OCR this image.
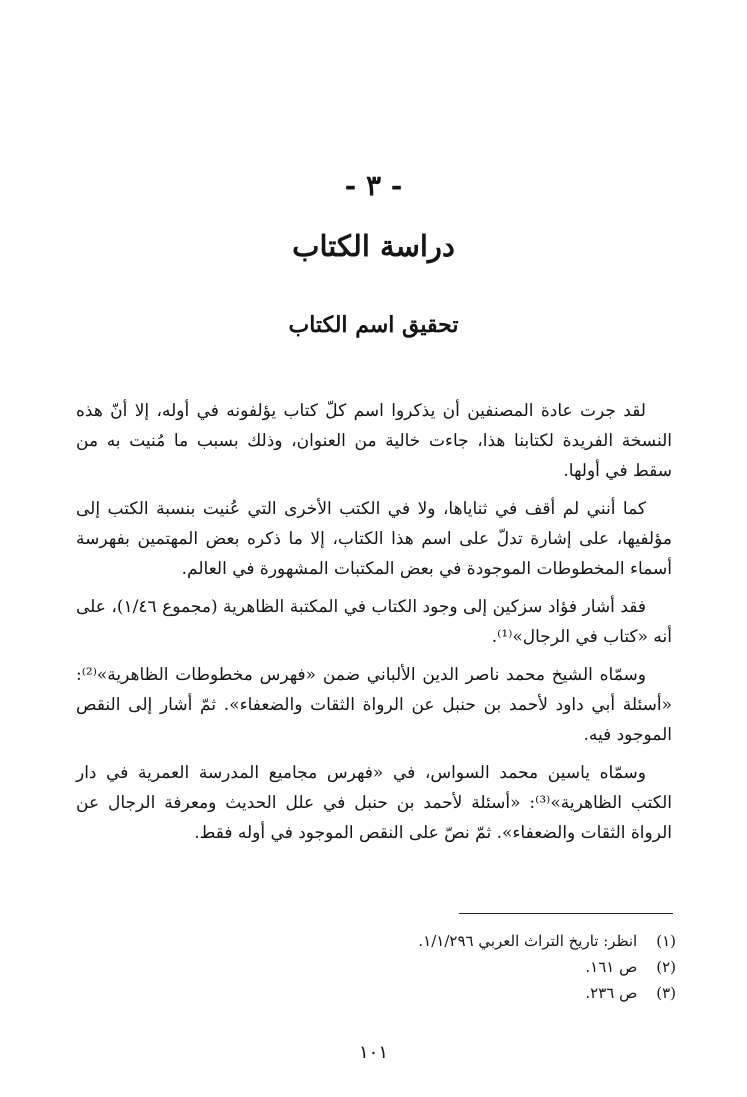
- ٣ -
دراسة الكتاب
تحقيق اسم الكتاب

لقد جرت عادة المصنفين أن يذكروا اسم كلّ كتاب يؤلفونه في أوله، إلا أنّ هذه النسخة الفريدة لكتابنا هذا، جاءت خالية من العنوان، وذلك بسبب ما مُنيت به من سقط في أولها.

كما أنني لم أقف في ثناياها، ولا في الكتب الأخرى التي عُنيت بنسبة الكتب إلى مؤلفيها، على إشارة تدلّ على اسم هذا الكتاب، إلا ما ذكره بعض المهتمين بفهرسة أسماء المخطوطات الموجودة في بعض المكتبات المشهورة في العالم.

فقد أشار فؤاد سزكين إلى وجود الكتاب في المكتبة الظاهرية (مجموع ١/٤٦)، على أنه «كتاب في الرجال»⁽¹⁾.

وسمّاه الشيخ محمد ناصر الدين الألباني ضمن «فهرس مخطوطات الظاهرية»⁽²⁾: «أسئلة أبي داود لأحمد بن حنبل عن الرواة الثقات والضعفاء». ثمّ أشار إلى النقص الموجود فيه.

وسمّاه ياسين محمد السواس، في «فهرس مجاميع المدرسة العمرية في دار الكتب الظاهرية»⁽³⁾: «أسئلة لأحمد بن حنبل في علل الحديث ومعرفة الرجال عن الرواة الثقات والضعفاء». ثمّ نصّ على النقص الموجود في أوله فقط.

(١) انظر: تاريخ التراث العربي ١/١/٢٩٦.

(٢) ص ١٦١.

(٣) ص ٢٣٦.

١٠١
